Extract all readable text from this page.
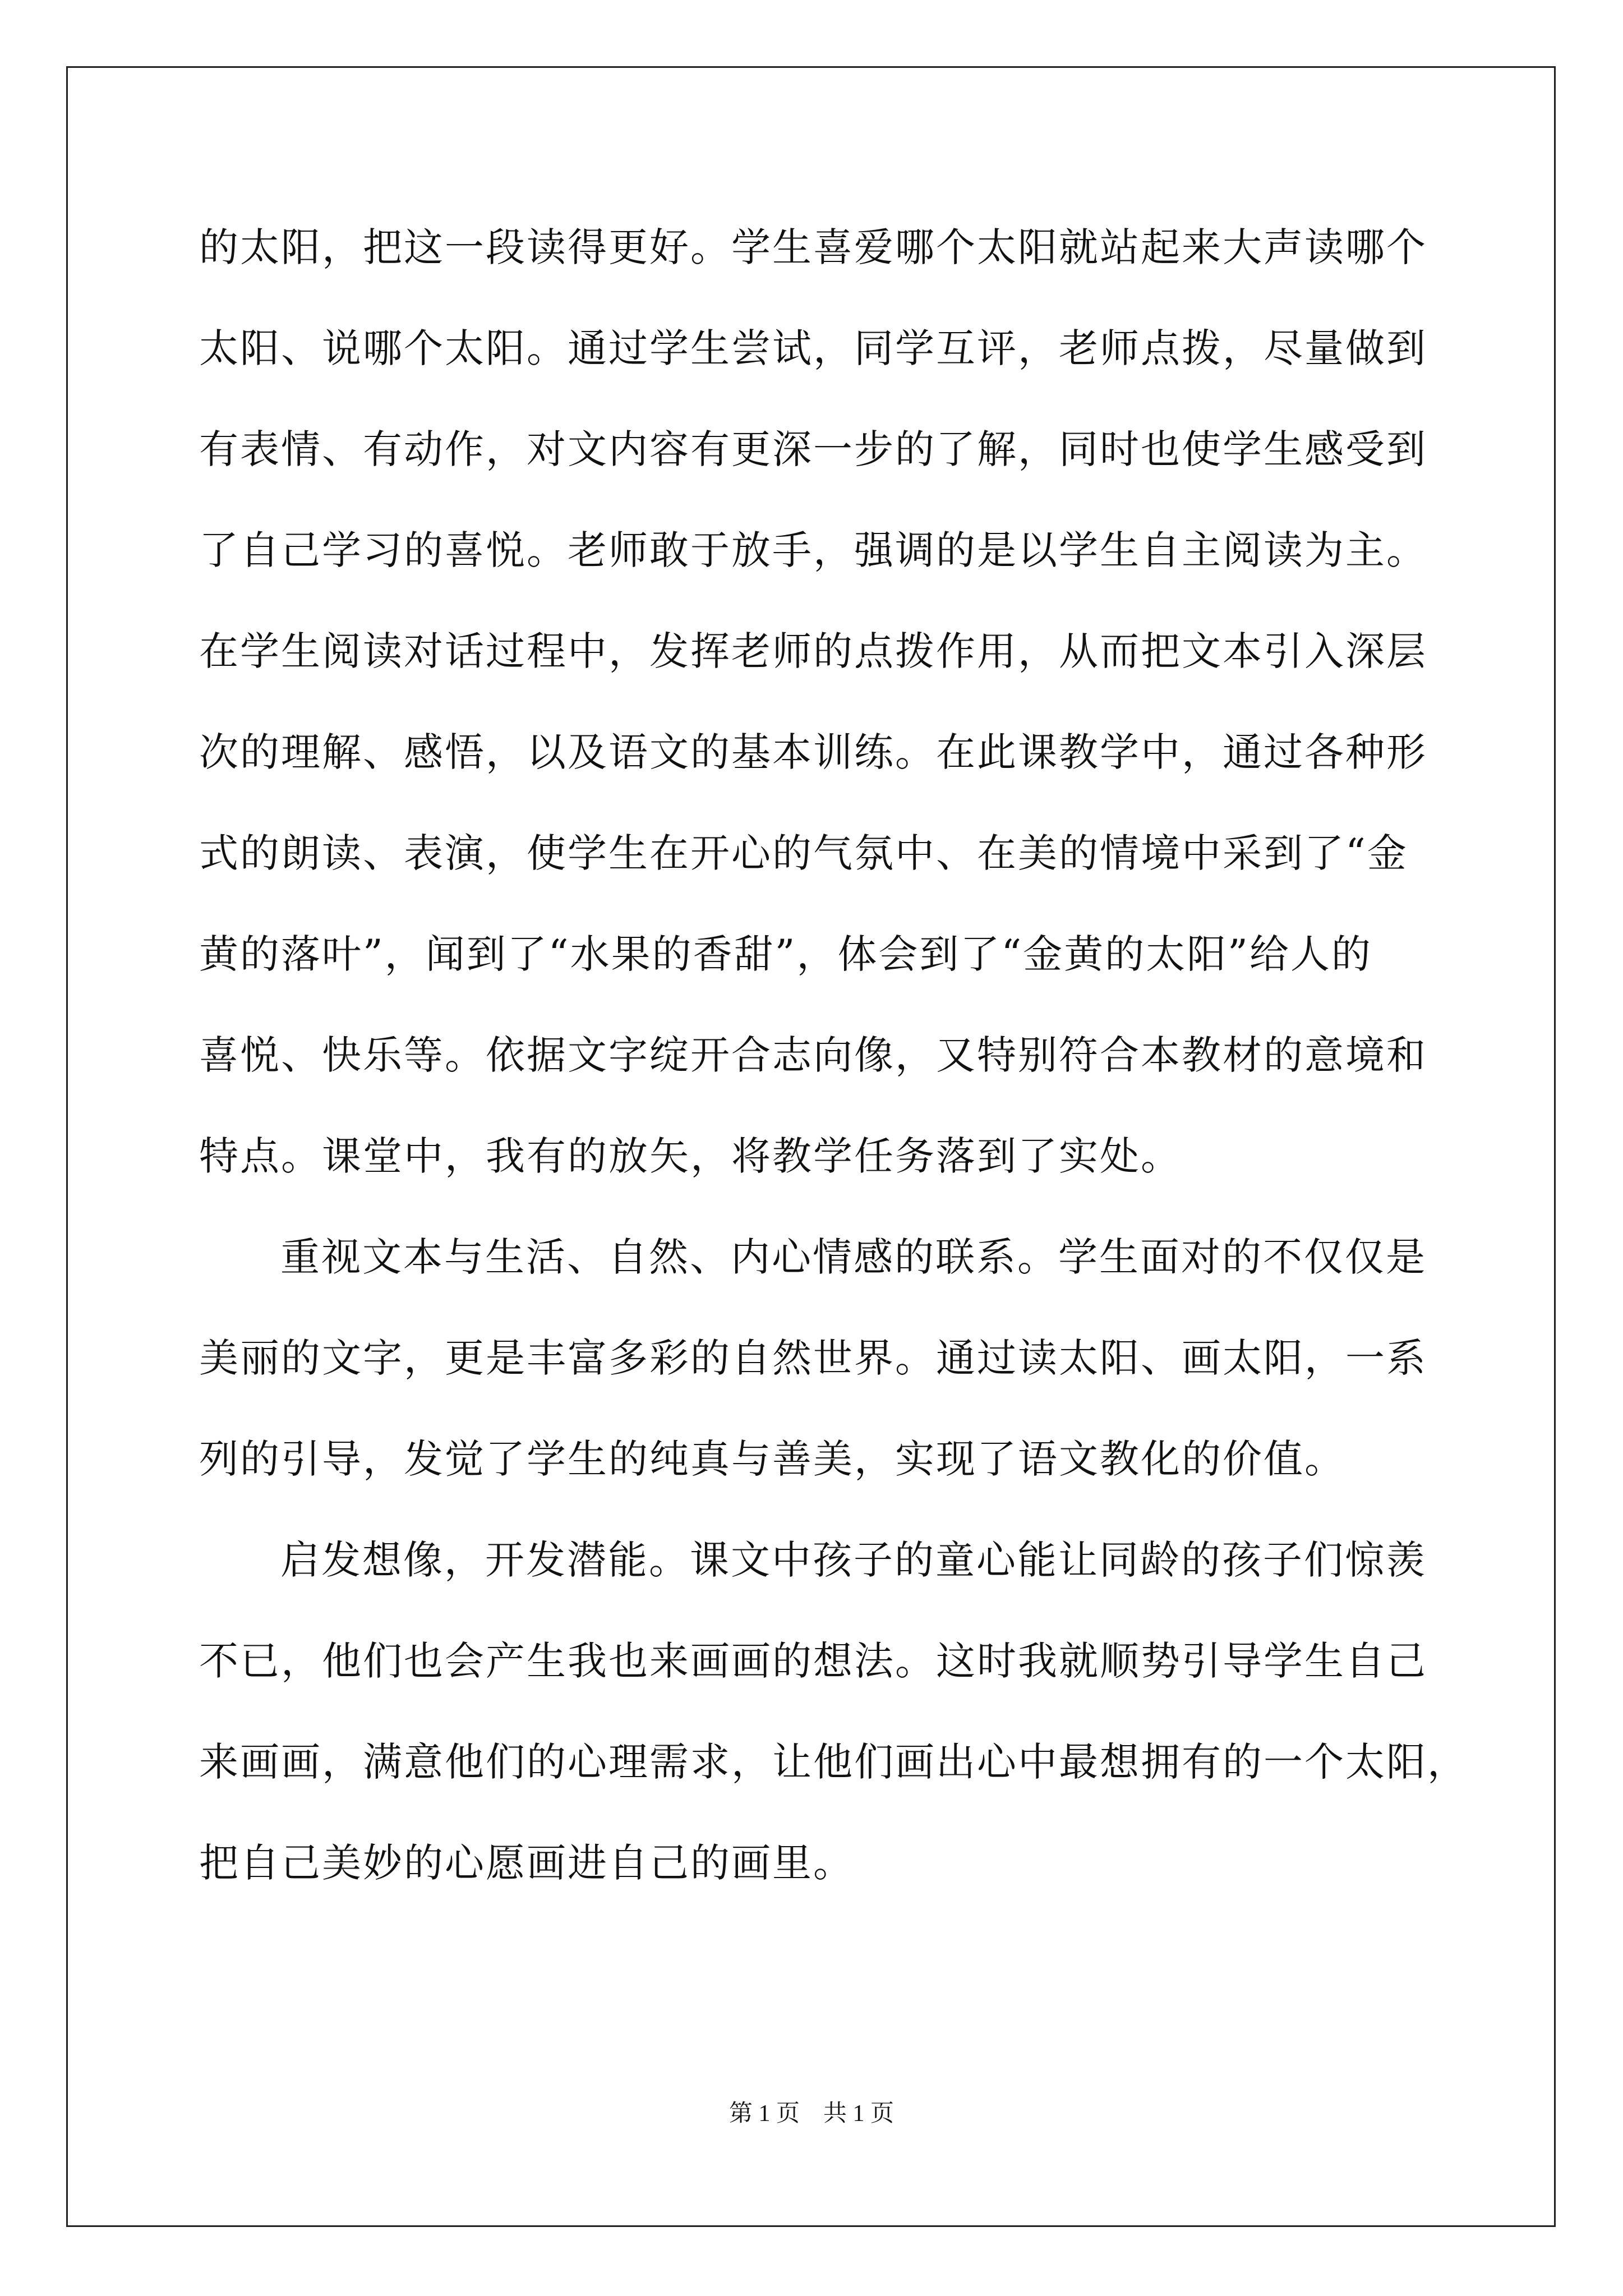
的太阳，把这一段读得更好。学生喜爱哪个太阳就站起来大声读哪个
太阳、说哪个太阳。通过学生尝试，同学互评，老师点拨，尽量做到
有表情、有动作，对文内容有更深一步的了解，同时也使学生感受到
了自己学习的喜悦。老师敢于放手，强调的是以学生自主阅读为主。
在学生阅读对话过程中，发挥老师的点拨作用，从而把文本引入深层
次的理解、感悟，以及语文的基本训练。在此课教学中，通过各种形
式的朗读、表演，使学生在开心的气氛中、在美的情境中采到了“金
黄的落叶”，闻到了“水果的香甜”，体会到了“金黄的太阳”给人的
喜悦、快乐等。依据文字绽开合志向像，又特别符合本教材的意境和
特点。课堂中，我有的放矢，将教学任务落到了实处。
重视文本与生活、自然、内心情感的联系。学生面对的不仅仅是
美丽的文字，更是丰富多彩的自然世界。通过读太阳、画太阳，一系
列的引导，发觉了学生的纯真与善美，实现了语文教化的价值。
启发想像，开发潜能。课文中孩子的童心能让同龄的孩子们惊羡
不已，他们也会产生我也来画画的想法。这时我就顺势引导学生自己
来画画，满意他们的心理需求，让他们画出心中最想拥有的一个太阳，
把自己美妙的心愿画进自己的画里。
第 1 页　共 1 页
